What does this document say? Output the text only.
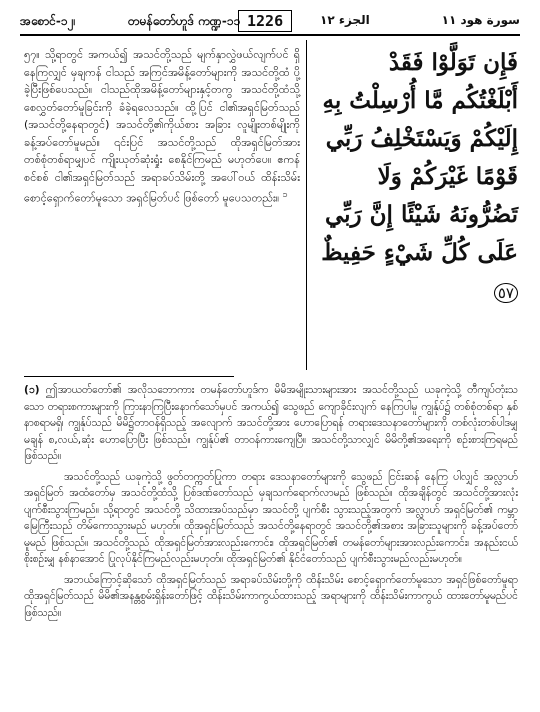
အစောင်-၁၂၊	တမန်တော်ဟူဒ် ကဏ္ဍ-၁၁ 1226	الجزء ١٢	سورة هود ١١
၅၇။ သို့ရာတွင် အကယ်၍ အသင်တို့သည် မျက်နှာလွှဲဖယ်လျက်ပင် ရှိနေကြလျှင် မှချကန် ငါသည် အကြင်အမိန့်တော်များကို အသင်တို့ထံ ပို့ခဲ့ပြီးဖြစ်ပေသည်။ ငါသည်ထိုအမိန့်တော်များနှင့်တကွ အသင်တို့ထံသို့ စေလွှတ်တော်မူခြင်းကို ခံခဲ့ရလေသည်။ ထို့ပြင် ငါ၏အရှင်မြတ်သည် (အသင်တို့နေရာတွင်) အသင်တို့၏ကိုယ်စား အခြား လူမျိုးတစ်မျိုးကို ခန့်အပ်တော်မူမည်။ ၎င်းပြင် အသင်တို့သည် ထိုအရှင်မြတ်အား တစ်စုံတစ်ရာမျှပင် ကျိုးယုတ်ဆုံးရှုံး စေနိုင်ကြမည် မဟုတ်ပေ။ ဧကန်စင်စစ် ငါ၏အရှင်မြတ်သည် အရာခပ်သိမ်းတို့ အပေါ်ဝယ် ထိန်းသိမ်း စောင့်ရှောက်တော်မူသော အရှင်မြတ်ပင် ဖြစ်တော် မူပေသတည်း။ $^၁$
فَإِن تَوَلَّوْا فَقَدْ أَبْلَغْتُكُم مَّا أُرْسِلْتُ بِهِ إِلَيْكُمْ وَيَسْتَخْلِفُ رَبِّي قَوْمًا غَيْرَكُمْ وَلَا تَضُرُّونَهُ شَيْئًا إِنَّ رَبِّي عَلَى كُلِّ شَيْءٍ حَفِيظٌ ٥٧

(၁) ဤအာယတ်တော်၏ အလိုသဘောကား တမန်တော်ဟူဒ်က မိမိအမျိုးသားများအား အသင်တို့သည် ယခုကဲ့သို့ တီကျပ်တုံးသသော တရားစကားများကို ကြားနာကြပြီးနောက်သော်မှပင် အကယ်၍ သွေဖည် ကျောခိုင်းလျက် နေကြပါမူ ကျွန်ုပ်၌ တစ်စုံတစ်ရာ နှစ်နာစရာမရှိ၊ ကျွန်ုပ်သည် မိမိ၌တာဝန်ရှိသည့် အလျောက် အသင်တို့အား ဟောပြောရန် တရားဒေသနာတော်များကို တစ်လုံးတစ်ပါဒမျှ မချန် စ,လယ်,ဆုံး ဟောပြောပြီး ဖြစ်သည်။ ကျွန်ုပ်၏ တာဝန်ကားကျေပြီ။ အသင်တို့သာလျှင် မိမိတို့၏အရေးကို စဉ်းစားကြရမည် ဖြစ်သည်။

အသင်တို့သည် ယခုကဲ့သို့ ဖွတ်တက္ကတ်ပြုကာ တရား ဒေသနာတော်များကို သွေဖည် ငြင်းဆန် နေကြ ပါလျှင် အလ္လာဟ် အရှင်မြတ် အထံတော်မှ အသင်တို့ထံသို့ ပြစ်ဒဏ်တော်သည် မှချသက်ရောက်လာမည် ဖြစ်သည်။ ထိုအချိန်တွင် အသင်တို့အားလုံး ပျက်စီးသွားကြမည်။ သို့ရာတွင် အသင်တို့ သိထားအပ်သည်မှာ အသင်တို့ ပျက်စီး သွားသည့်အတွက် အလ္လာဟ် အရှင်မြတ်၏ ကမ္ဘာမြေကြီးသည် တိမ်ကောသွားမည် မဟုတ်။ ထိုအရှင်မြတ်သည် အသင်တို့နေရာတွင် အသင်တို့၏အစား အခြားသူများကို ခန့်အပ်တော်မူမည် ဖြစ်သည်။ အသင်တို့သည် ထိုအရှင်မြတ်အားလည်းကောင်း၊ ထိုအရှင်မြတ်၏ တမန်တော်များအားလည်းကောင်း၊ အနည်းငယ် စိုးစဉ်းမျှ နစ်နာအောင် ပြုလုပ်နိုင်ကြမည်လည်းမဟုတ်။ ထိုအရှင်မြတ်၏ နိုင်ငံတော်သည် ပျက်စီးသွားမည်လည်းမဟုတ်။

အဘယ်ကြောင့်ဆိုသော် ထိုအရှင်မြတ်သည် အရာခပ်သိမ်းတို့ကို ထိန်းသိမ်း စောင့်ရှောက်တော်မူသော အရှင်ဖြစ်တော်မူရာ ထိုအရှင်မြတ်သည် မိမိ၏အနန္တစွမ်းရှိန်းတော်ဖြင့် ထိန်းသိမ်းကာကွယ်ထားသည့် အရာများကို ထိန်းသိမ်းကာကွယ် ထားတော်မူမည်ပင် ဖြစ်သည်။
